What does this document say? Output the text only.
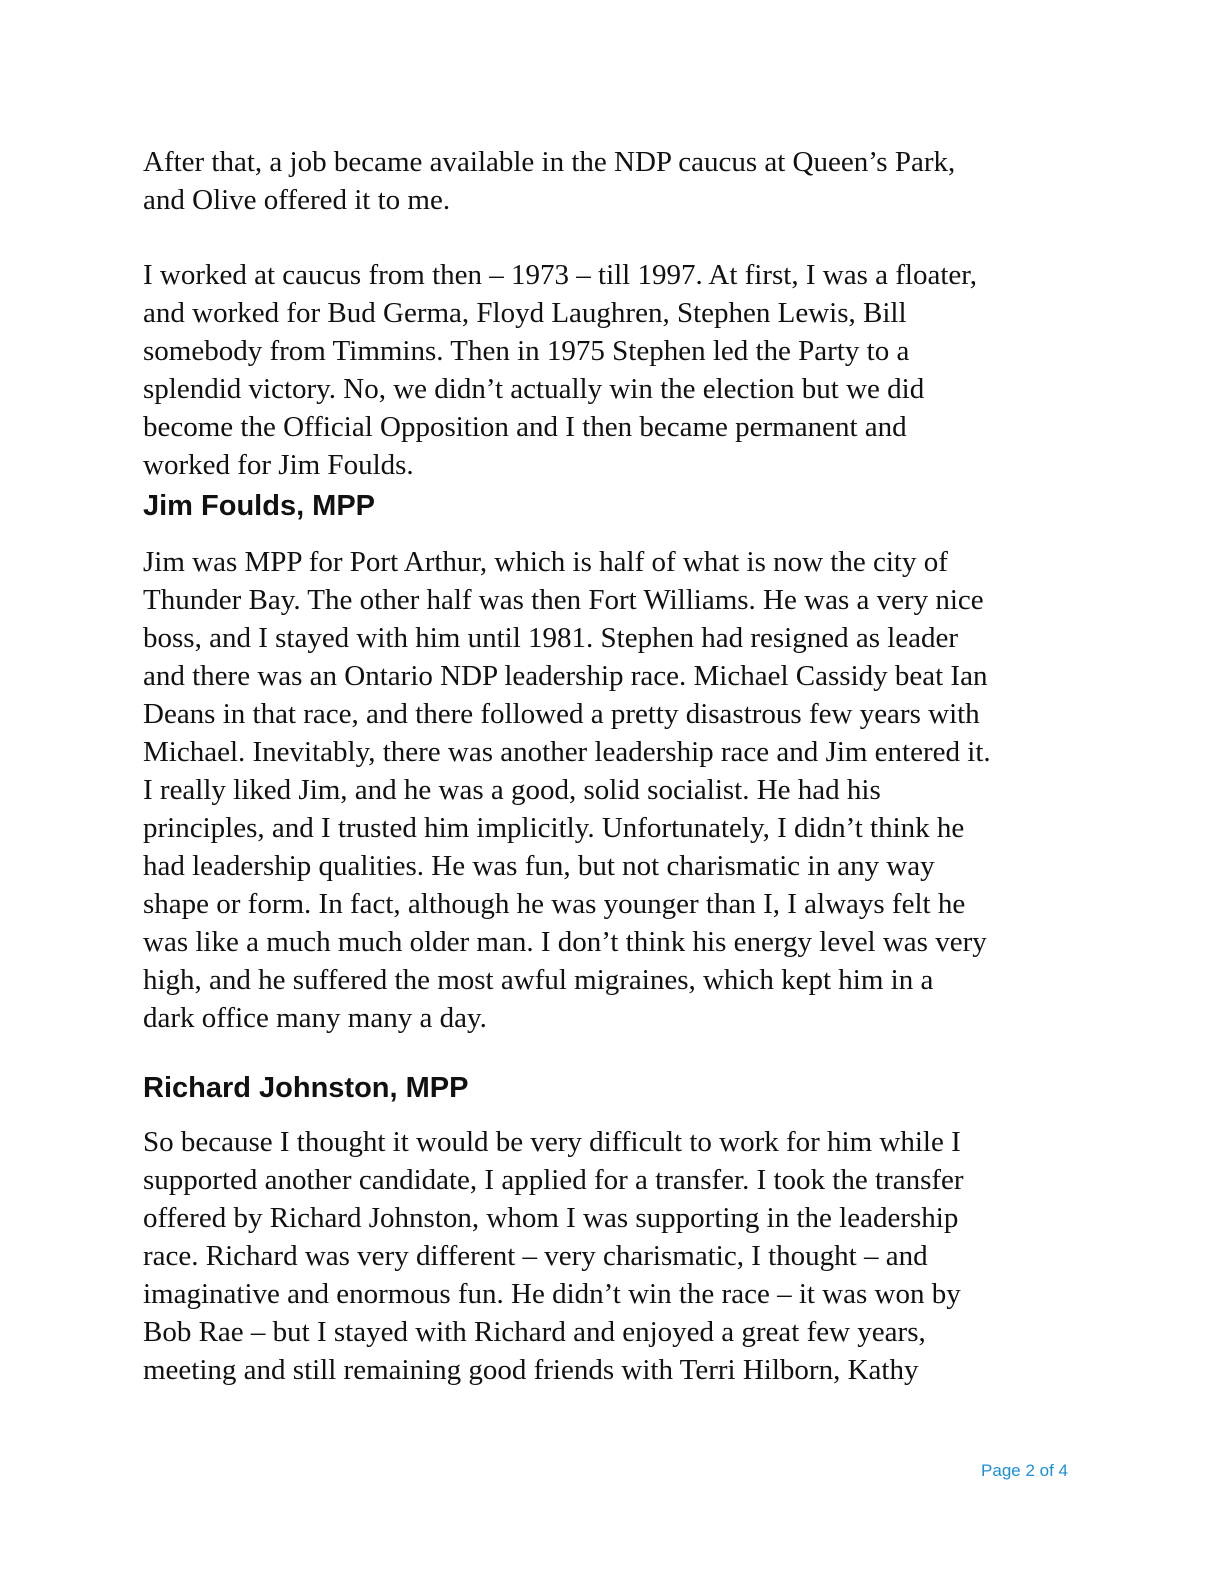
After that, a job became available in the NDP caucus at Queen’s Park,
and Olive offered it to me.
I worked at caucus from then – 1973 – till 1997. At first, I was a floater,
and worked for Bud Germa, Floyd Laughren, Stephen Lewis, Bill
somebody from Timmins. Then in 1975 Stephen led the Party to a
splendid victory. No, we didn’t actually win the election but we did
become the Official Opposition and I then became permanent and
worked for Jim Foulds.
Jim Foulds, MPP
Jim was MPP for Port Arthur, which is half of what is now the city of
Thunder Bay. The other half was then Fort Williams. He was a very nice
boss, and I stayed with him until 1981. Stephen had resigned as leader
and there was an Ontario NDP leadership race. Michael Cassidy beat Ian
Deans in that race, and there followed a pretty disastrous few years with
Michael. Inevitably, there was another leadership race and Jim entered it.
I really liked Jim, and he was a good, solid socialist. He had his
principles, and I trusted him implicitly. Unfortunately, I didn’t think he
had leadership qualities. He was fun, but not charismatic in any way
shape or form. In fact, although he was younger than I, I always felt he
was like a much much older man. I don’t think his energy level was very
high, and he suffered the most awful migraines, which kept him in a
dark office many many a day.
Richard Johnston, MPP
So because I thought it would be very difficult to work for him while I
supported another candidate, I applied for a transfer. I took the transfer
offered by Richard Johnston, whom I was supporting in the leadership
race. Richard was very different – very charismatic, I thought – and
imaginative and enormous fun. He didn’t win the race – it was won by
Bob Rae – but I stayed with Richard and enjoyed a great few years,
meeting and still remaining good friends with Terri Hilborn, Kathy
Page 2 of 4
